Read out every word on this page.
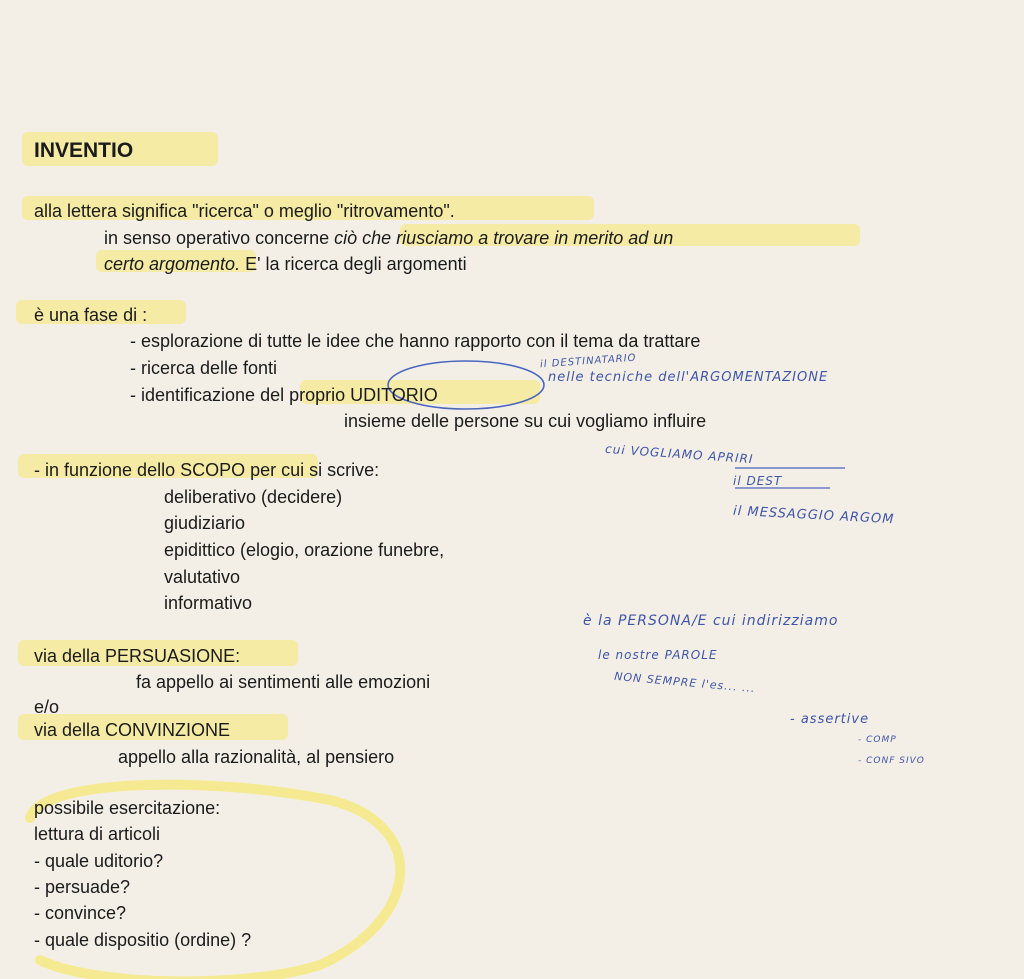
INVENTIO
alla lettera significa "ricerca" o meglio "ritrovamento".
in senso operativo concerne ciò che riusciamo a trovare in merito ad un
certo argomento. E' la ricerca degli argomenti
è una fase di :
- esplorazione di tutte le idee che hanno rapporto con il tema da trattare
- ricerca delle fonti
- identificazione del proprio UDITORIO
insieme delle persone su cui vogliamo influire
- in funzione dello SCOPO per cui si scrive:
deliberativo (decidere)
giudiziario
epidittico (elogio, orazione funebre,
valutativo
informativo
via della PERSUASIONE:
fa appello ai sentimenti alle emozioni
e/o
via della CONVINZIONE
appello alla razionalità, al pensiero
possibile esercitazione:
lettura di articoli
- quale uditorio?
- persuade?
- convince?
- quale dispositio (ordine) ?
il DESTINATARIO
nelle tecniche dell'ARGOMENTAZIONE
cui VOGLIAMO APRIRI
il DEST
il MESSAGGIO ARGOM
è la PERSONA/E cui indirizziamo
le nostre PAROLE
NON SEMPRE l'es... ...
- assertive
- COMP
- CONF SIVO
